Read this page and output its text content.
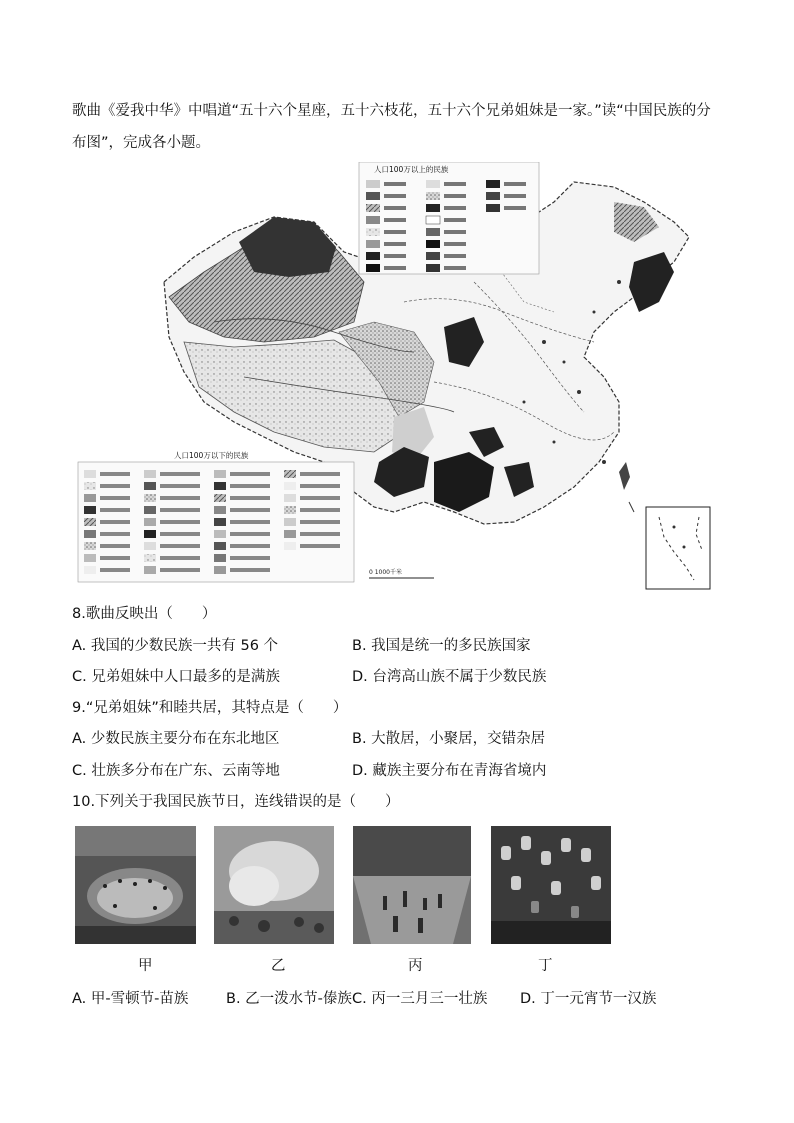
歌曲《爱我中华》中唱道“五十六个星座，五十六枝花，五十六个兄弟姐妹是一家。”读“中国民族的分
布图”，完成各小题。
人口100万以上的民族
人口100万以下的民族
0 1000千米
8.歌曲反映出（　　）
A. 我国的少数民族一共有 56 个	B. 我国是统一的多民族国家
C. 兄弟姐妹中人口最多的是满族	D. 台湾高山族不属于少数民族
9.“兄弟姐妹”和睦共居，其特点是（　　）
A. 少数民族主要分布在东北地区	B. 大散居，小聚居，交错杂居
C. 壮族多分布在广东、云南等地	D. 藏族主要分布在青海省境内
10.下列关于我国民族节日，连线错误的是（　　）
甲	乙	丙	丁
A. 甲-雪顿节-苗族	B. 乙一泼水节-傣族 C. 丙一三月三一壮族 D. 丁一元宵节一汉族
